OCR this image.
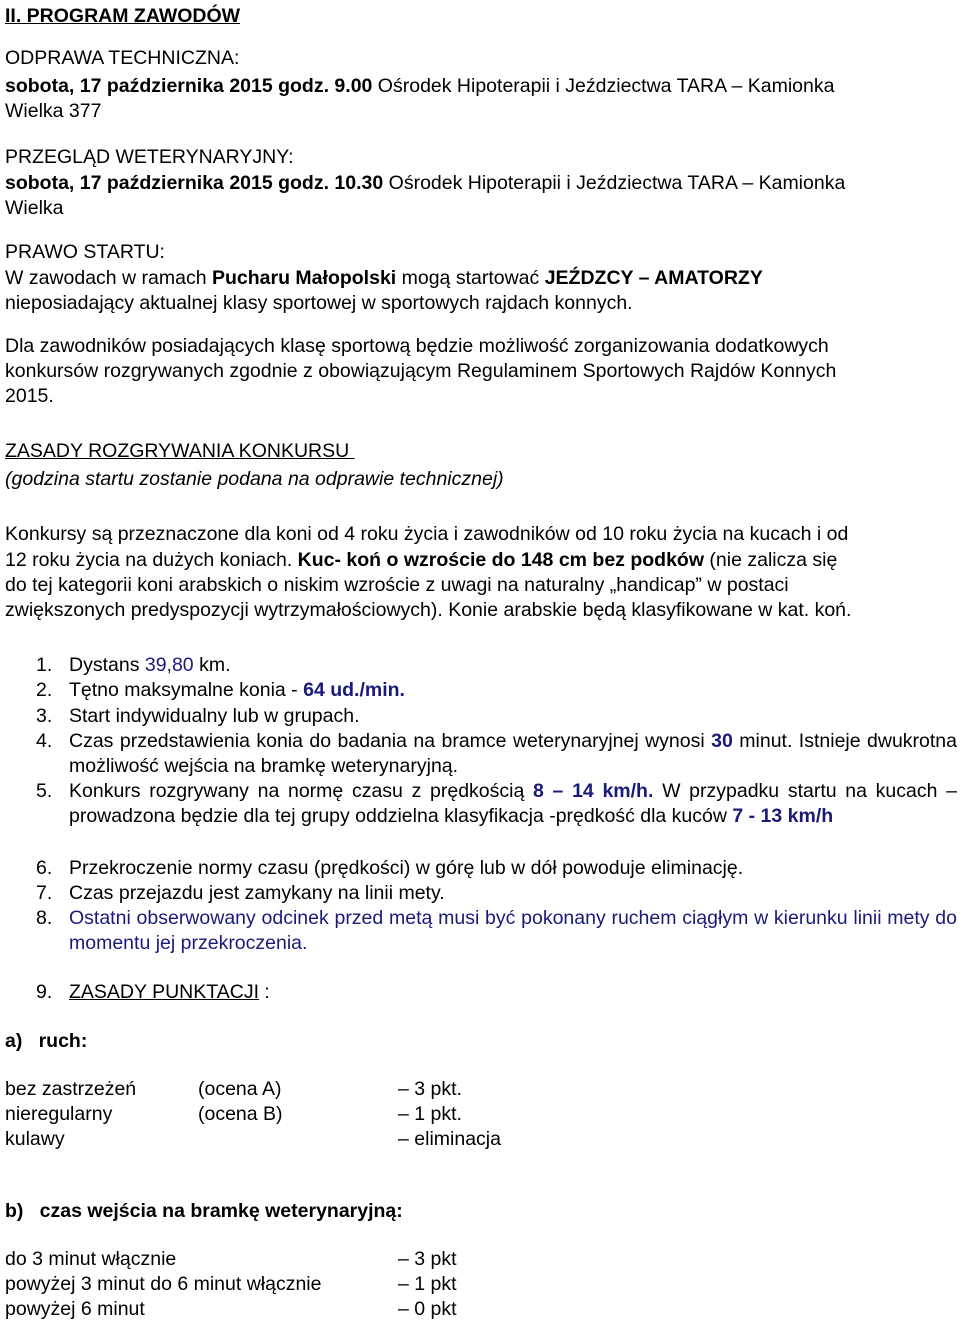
II. PROGRAM ZAWODÓW
ODPRAWA TECHNICZNA:
sobota, 17 października 2015 godz. 9.00 Ośrodek Hipoterapii i Jeździectwa TARA – Kamionka
Wielka 377
PRZEGLĄD WETERYNARYJNY:
sobota, 17 października 2015 godz. 10.30 Ośrodek Hipoterapii i Jeździectwa TARA – Kamionka
Wielka
PRAWO STARTU:
W zawodach w ramach Pucharu Małopolski mogą startować JEŹDZCY – AMATORZY
nieposiadający aktualnej klasy sportowej w sportowych rajdach konnych.
Dla zawodników posiadających klasę sportową będzie możliwość zorganizowania dodatkowych
konkursów rozgrywanych zgodnie z obowiązującym Regulaminem Sportowych Rajdów Konnych
2015.
ZASADY ROZGRYWANIA KONKURSU
(godzina startu zostanie podana na odprawie technicznej)
Konkursy są przeznaczone dla koni od 4 roku życia i zawodników od 10 roku życia na kucach i od
12 roku życia na dużych koniach. Kuc- koń o wzroście do 148 cm bez podków (nie zalicza się
do tej kategorii koni arabskich o niskim wzroście z uwagi na naturalny „handicap” w postaci
zwiększonych predyspozycji wytrzymałościowych). Konie arabskie będą klasyfikowane w kat. koń.
1. Dystans 39,80 km.
2. Tętno maksymalne konia - 64 ud./min.
3. Start indywidualny lub w grupach.
4. Czas przedstawienia konia do badania na bramce weterynaryjnej wynosi 30 minut. Istnieje dwukrotna możliwość wejścia na bramkę weterynaryjną.
5. Konkurs rozgrywany na normę czasu z prędkością 8 – 14 km/h. W przypadku startu na kucach – prowadzona będzie dla tej grupy oddzielna klasyfikacja -prędkość dla kuców 7 - 13 km/h
6. Przekroczenie normy czasu (prędkości) w górę lub w dół powoduje eliminację.
7. Czas przejazdu jest zamykany na linii mety.
8. Ostatni obserwowany odcinek przed metą musi być pokonany ruchem ciągłym w kierunku linii mety do momentu jej przekroczenia.
9. ZASADY PUNKTACJI :
a)   ruch:
bez zastrzeżeń	(ocena A)	– 3 pkt.
nieregularny	(ocena B)	– 1 pkt.
kulawy	– eliminacja
b)   czas wejścia na bramkę weterynaryjną:
do 3 minut włącznie	– 3 pkt
powyżej 3 minut do 6 minut włącznie	– 1 pkt
powyżej 6 minut	– 0 pkt
